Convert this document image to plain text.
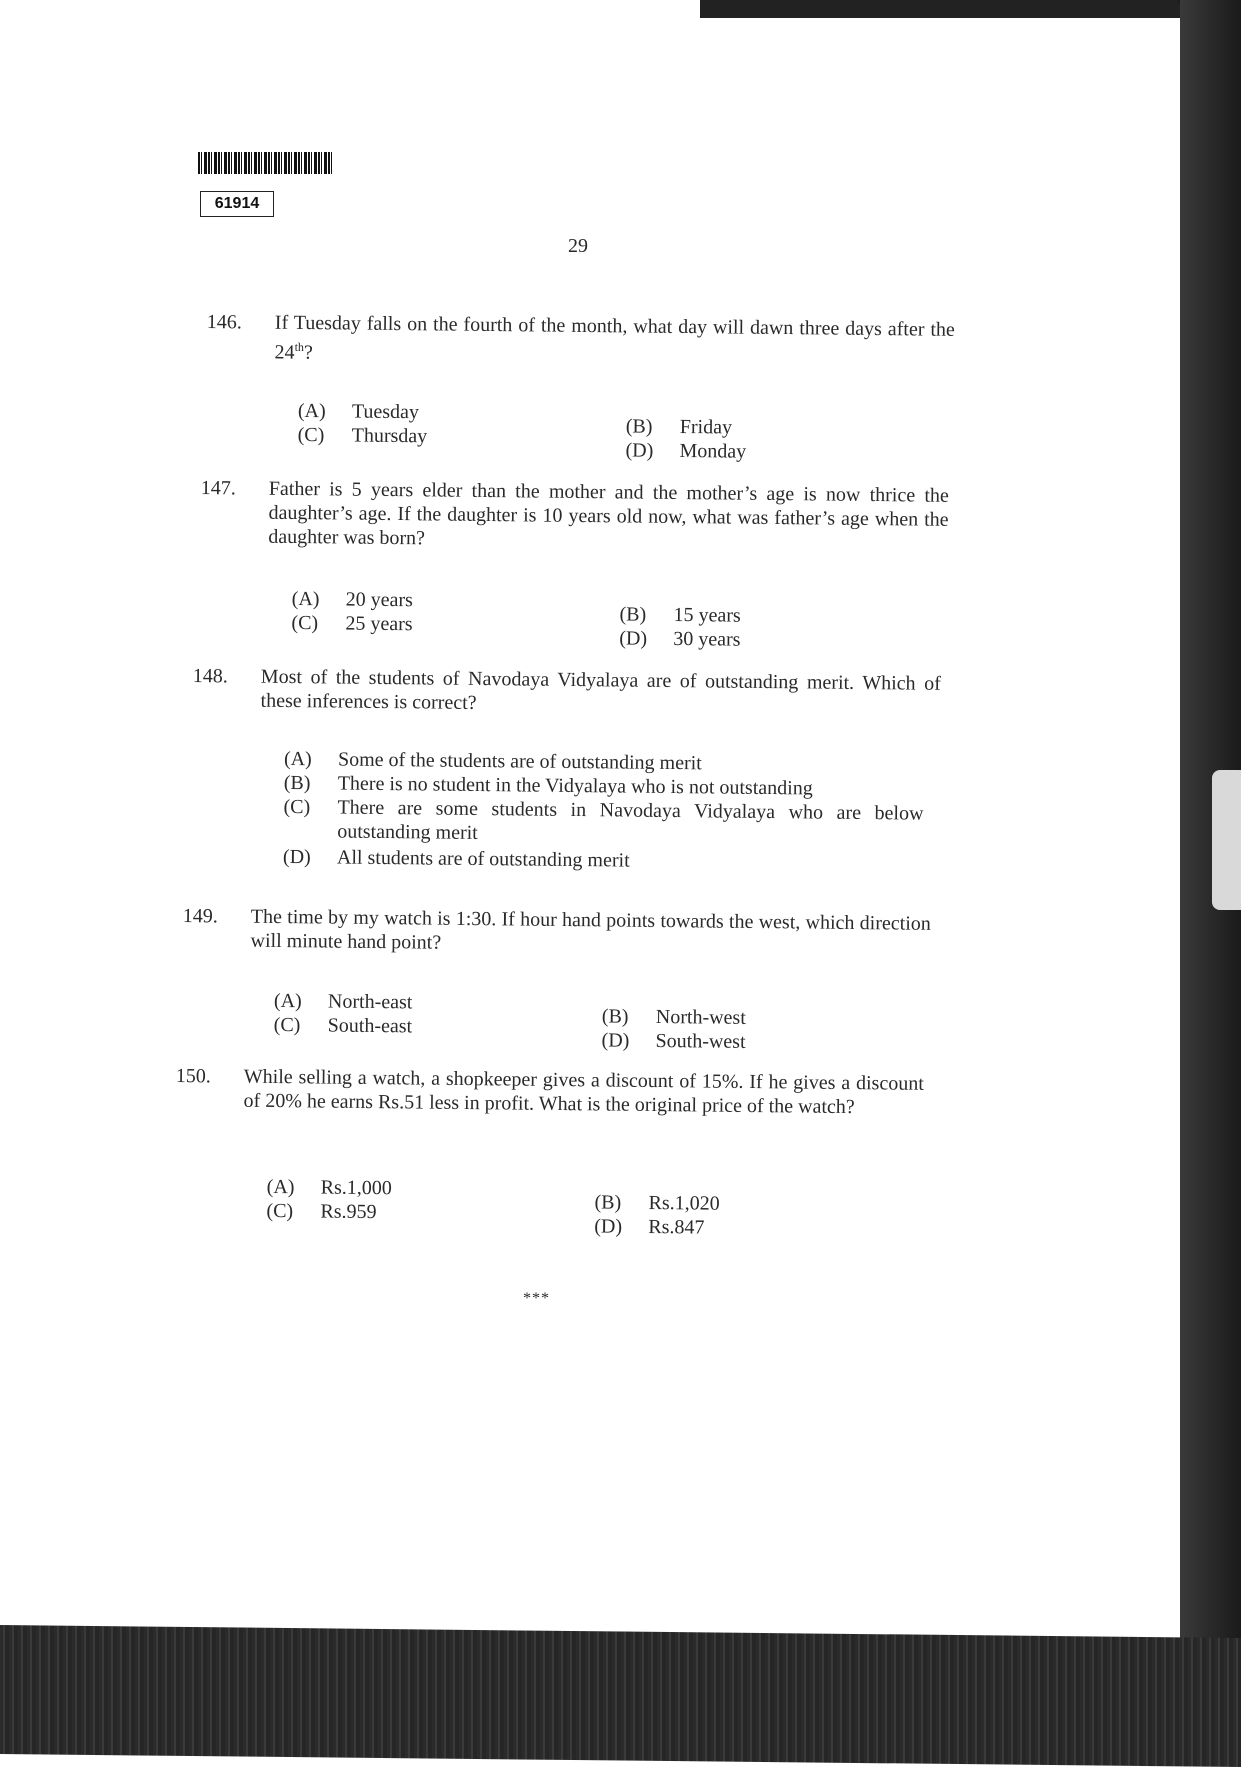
61914
29
146. If Tuesday falls on the fourth of the month, what day will dawn three days after the 24th?
(A) Tuesday
(B) Friday
(C) Thursday
(D) Monday
147. Father is 5 years elder than the mother and the mother’s age is now thrice the daughter’s age. If the daughter is 10 years old now, what was father’s age when the daughter was born?
(A) 20 years
(B) 15 years
(C) 25 years
(D) 30 years
148. Most of the students of Navodaya Vidyalaya are of outstanding merit. Which of these inferences is correct?
(A)	Some of the students are of outstanding merit
(B)	There is no student in the Vidyalaya who is not outstanding
(C)	There are some students in Navodaya Vidyalaya who are below outstanding merit
(D)	All students are of outstanding merit
149. The time by my watch is 1:30. If hour hand points towards the west, which direction will minute hand point?
(A) North-east
(B) North-west
(C) South-east
(D) South-west
150. While selling a watch, a shopkeeper gives a discount of 15%. If he gives a discount of 20% he earns Rs.51 less in profit. What is the original price of the watch?
(A) Rs.1,000
(B) Rs.1,020
(C) Rs.959
(D) Rs.847
***
